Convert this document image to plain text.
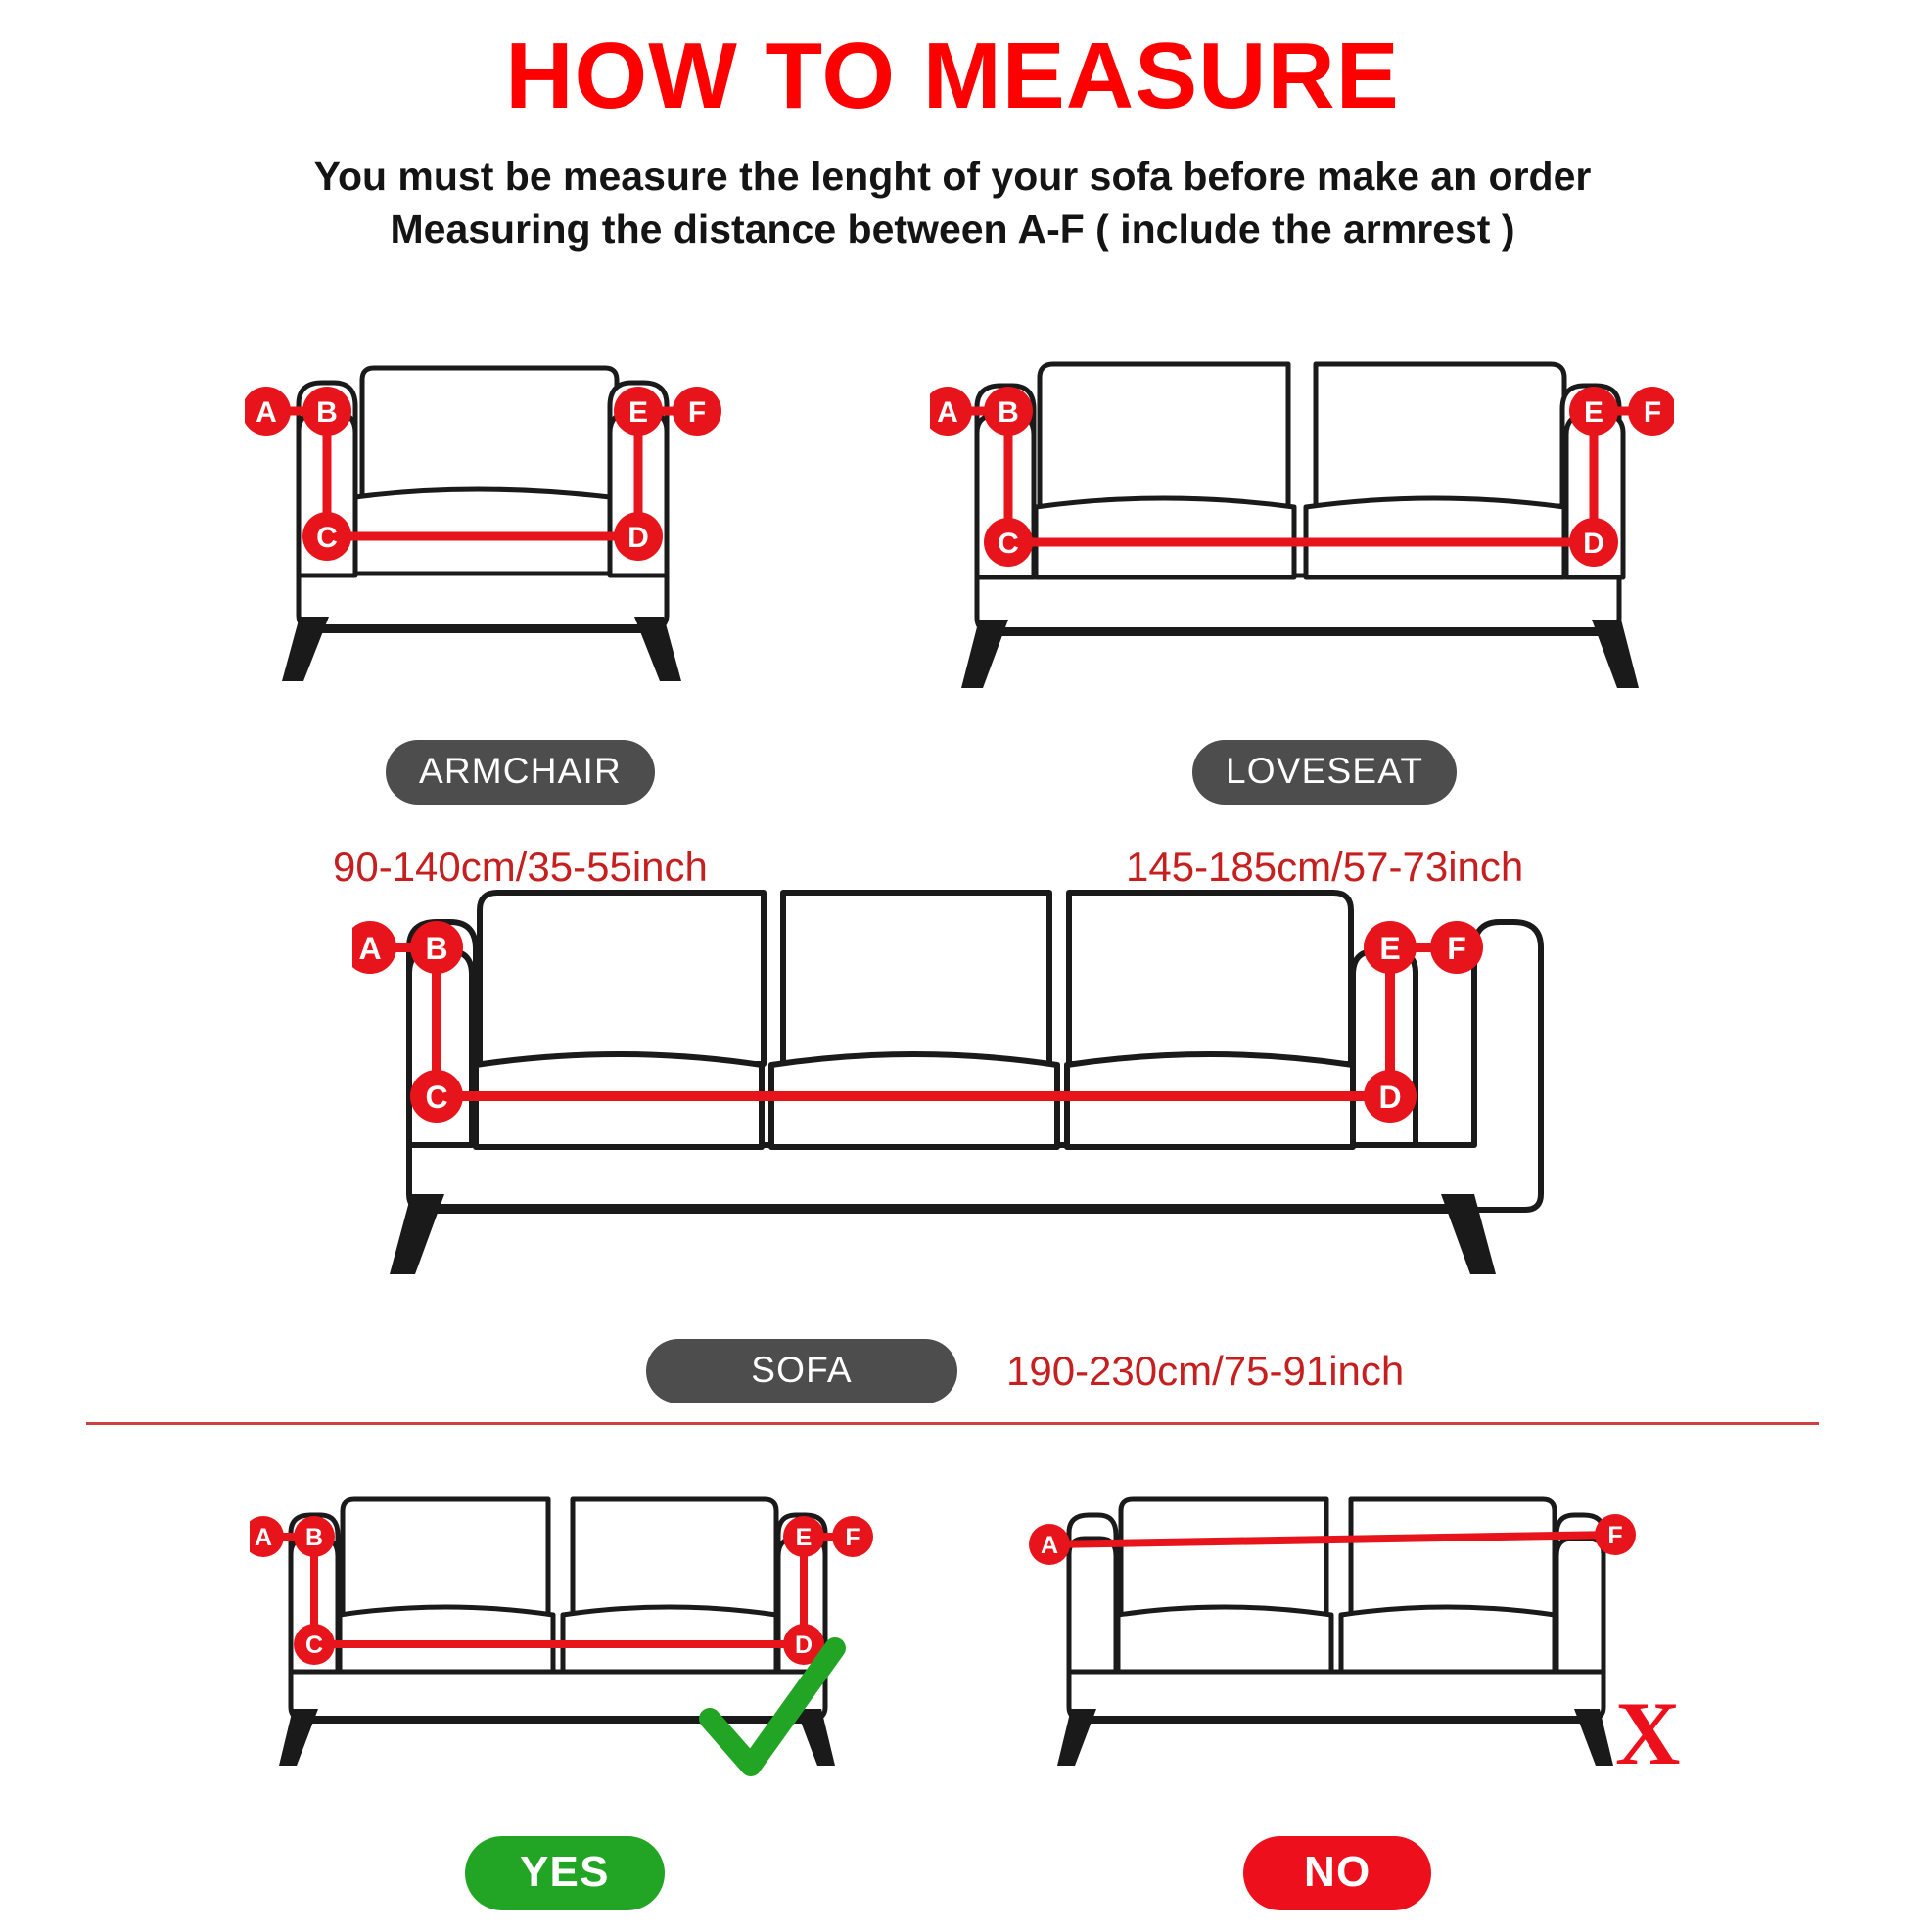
HOW TO MEASURE
You must be measure the lenght of your sofa before make an order
Measuring the distance between A-F ( include the armrest )
A B
C	D
E F
ARMCHAIR
90-140cm/35-55inch
A B
C	D
E F
LOVESEAT
145-185cm/57-73inch
A B
C	D
E F
SOFA	190-230cm/75-91inch
A B
C	D
E F
YES
A	F
X
NO
